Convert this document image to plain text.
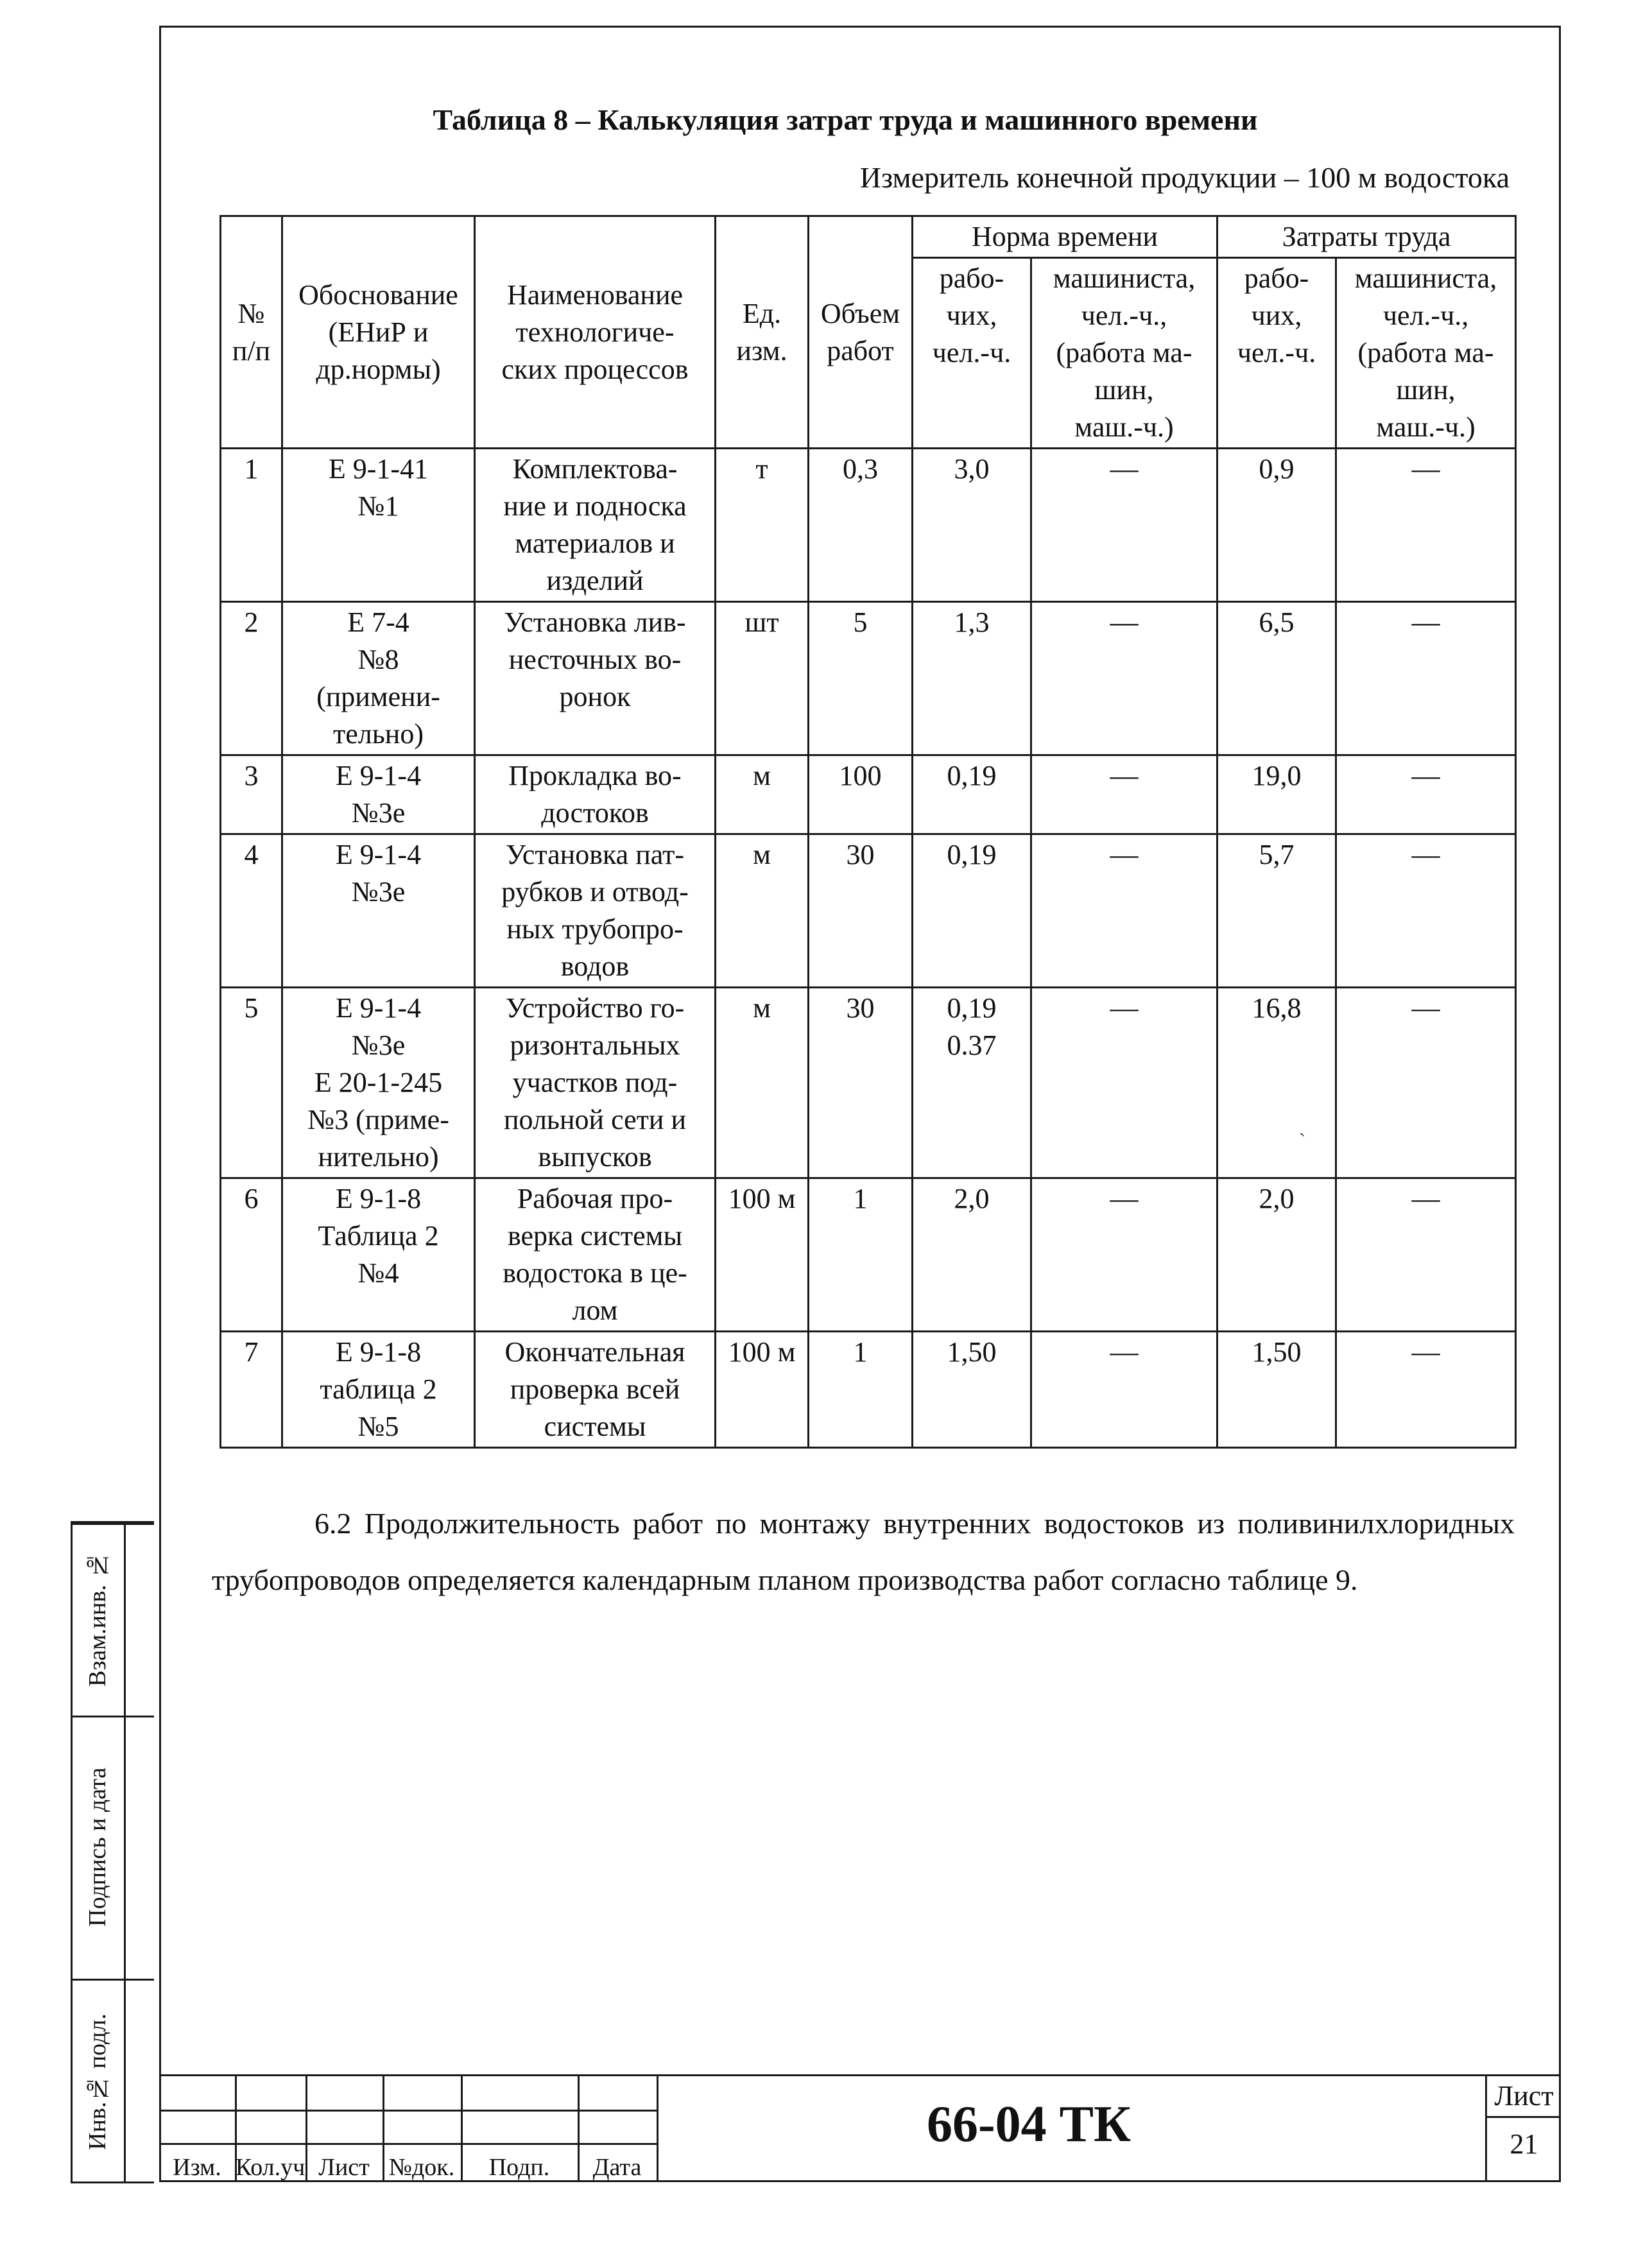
Взам.инв. №
Подпись и дата
Инв.№ подл.
Таблица 8 – Калькуляция затрат труда и машинного времени
Измеритель конечной продукции – 100 м водостока
№
п/п	Обоснование
(ЕНиР и
др.нормы)	Наименование
технологиче-
ских процессов	Ед.
изм.	Объем
работ	Норма времени		Затраты труда	

					рабо-
чих,
чел.-ч.	машиниста,
чел.-ч.,
(работа ма-
шин,
маш.-ч.)	рабо-
чих,
чел.-ч.	машиниста,
чел.-ч.,
(работа ма-
шин,
маш.-ч.)

1	Е 9-1-41
№1	Комплектова-
ние и подноска
материалов и
изделий	т	0,3	3,0	—	0,9	—
2	Е 7-4
№8
(примени-
тельно)	Установка лив-
несточных во-
ронок	шт	5	1,3	—	6,5	—
3	Е 9-1-4
№3е	Прокладка во-
достоков	м	100	0,19	—	19,0	—
4	Е 9-1-4
№3е	Установка пат-
рубков и отвод-
ных трубопро-
водов	м	30	0,19	—	5,7	—
5	Е 9-1-4
№3е
Е 20-1-245
№3 (приме-
нительно)	Устройство го-
ризонтальных
участков под-
польной сети и
выпусков	м	30	0,19
0.37	—	16,8	—
6	Е 9-1-8
Таблица 2
№4	Рабочая про-
верка системы
водостока в це-
лом	100 м	1	2,0	—	2,0	—
7	Е 9-1-8
таблица 2
№5	Окончательная
проверка всей
системы	100 м	1	1,50	—	1,50	—
ˏ
6.2 Продолжительность работ по монтажу внутренних водостоков из поливинилхлоридных трубопроводов определяется календарным планом производства работ согласно таблице 9.
Изм. Кол.уч Лист №док.	Подп.	Дата
66-04 ТК
Лист
21
